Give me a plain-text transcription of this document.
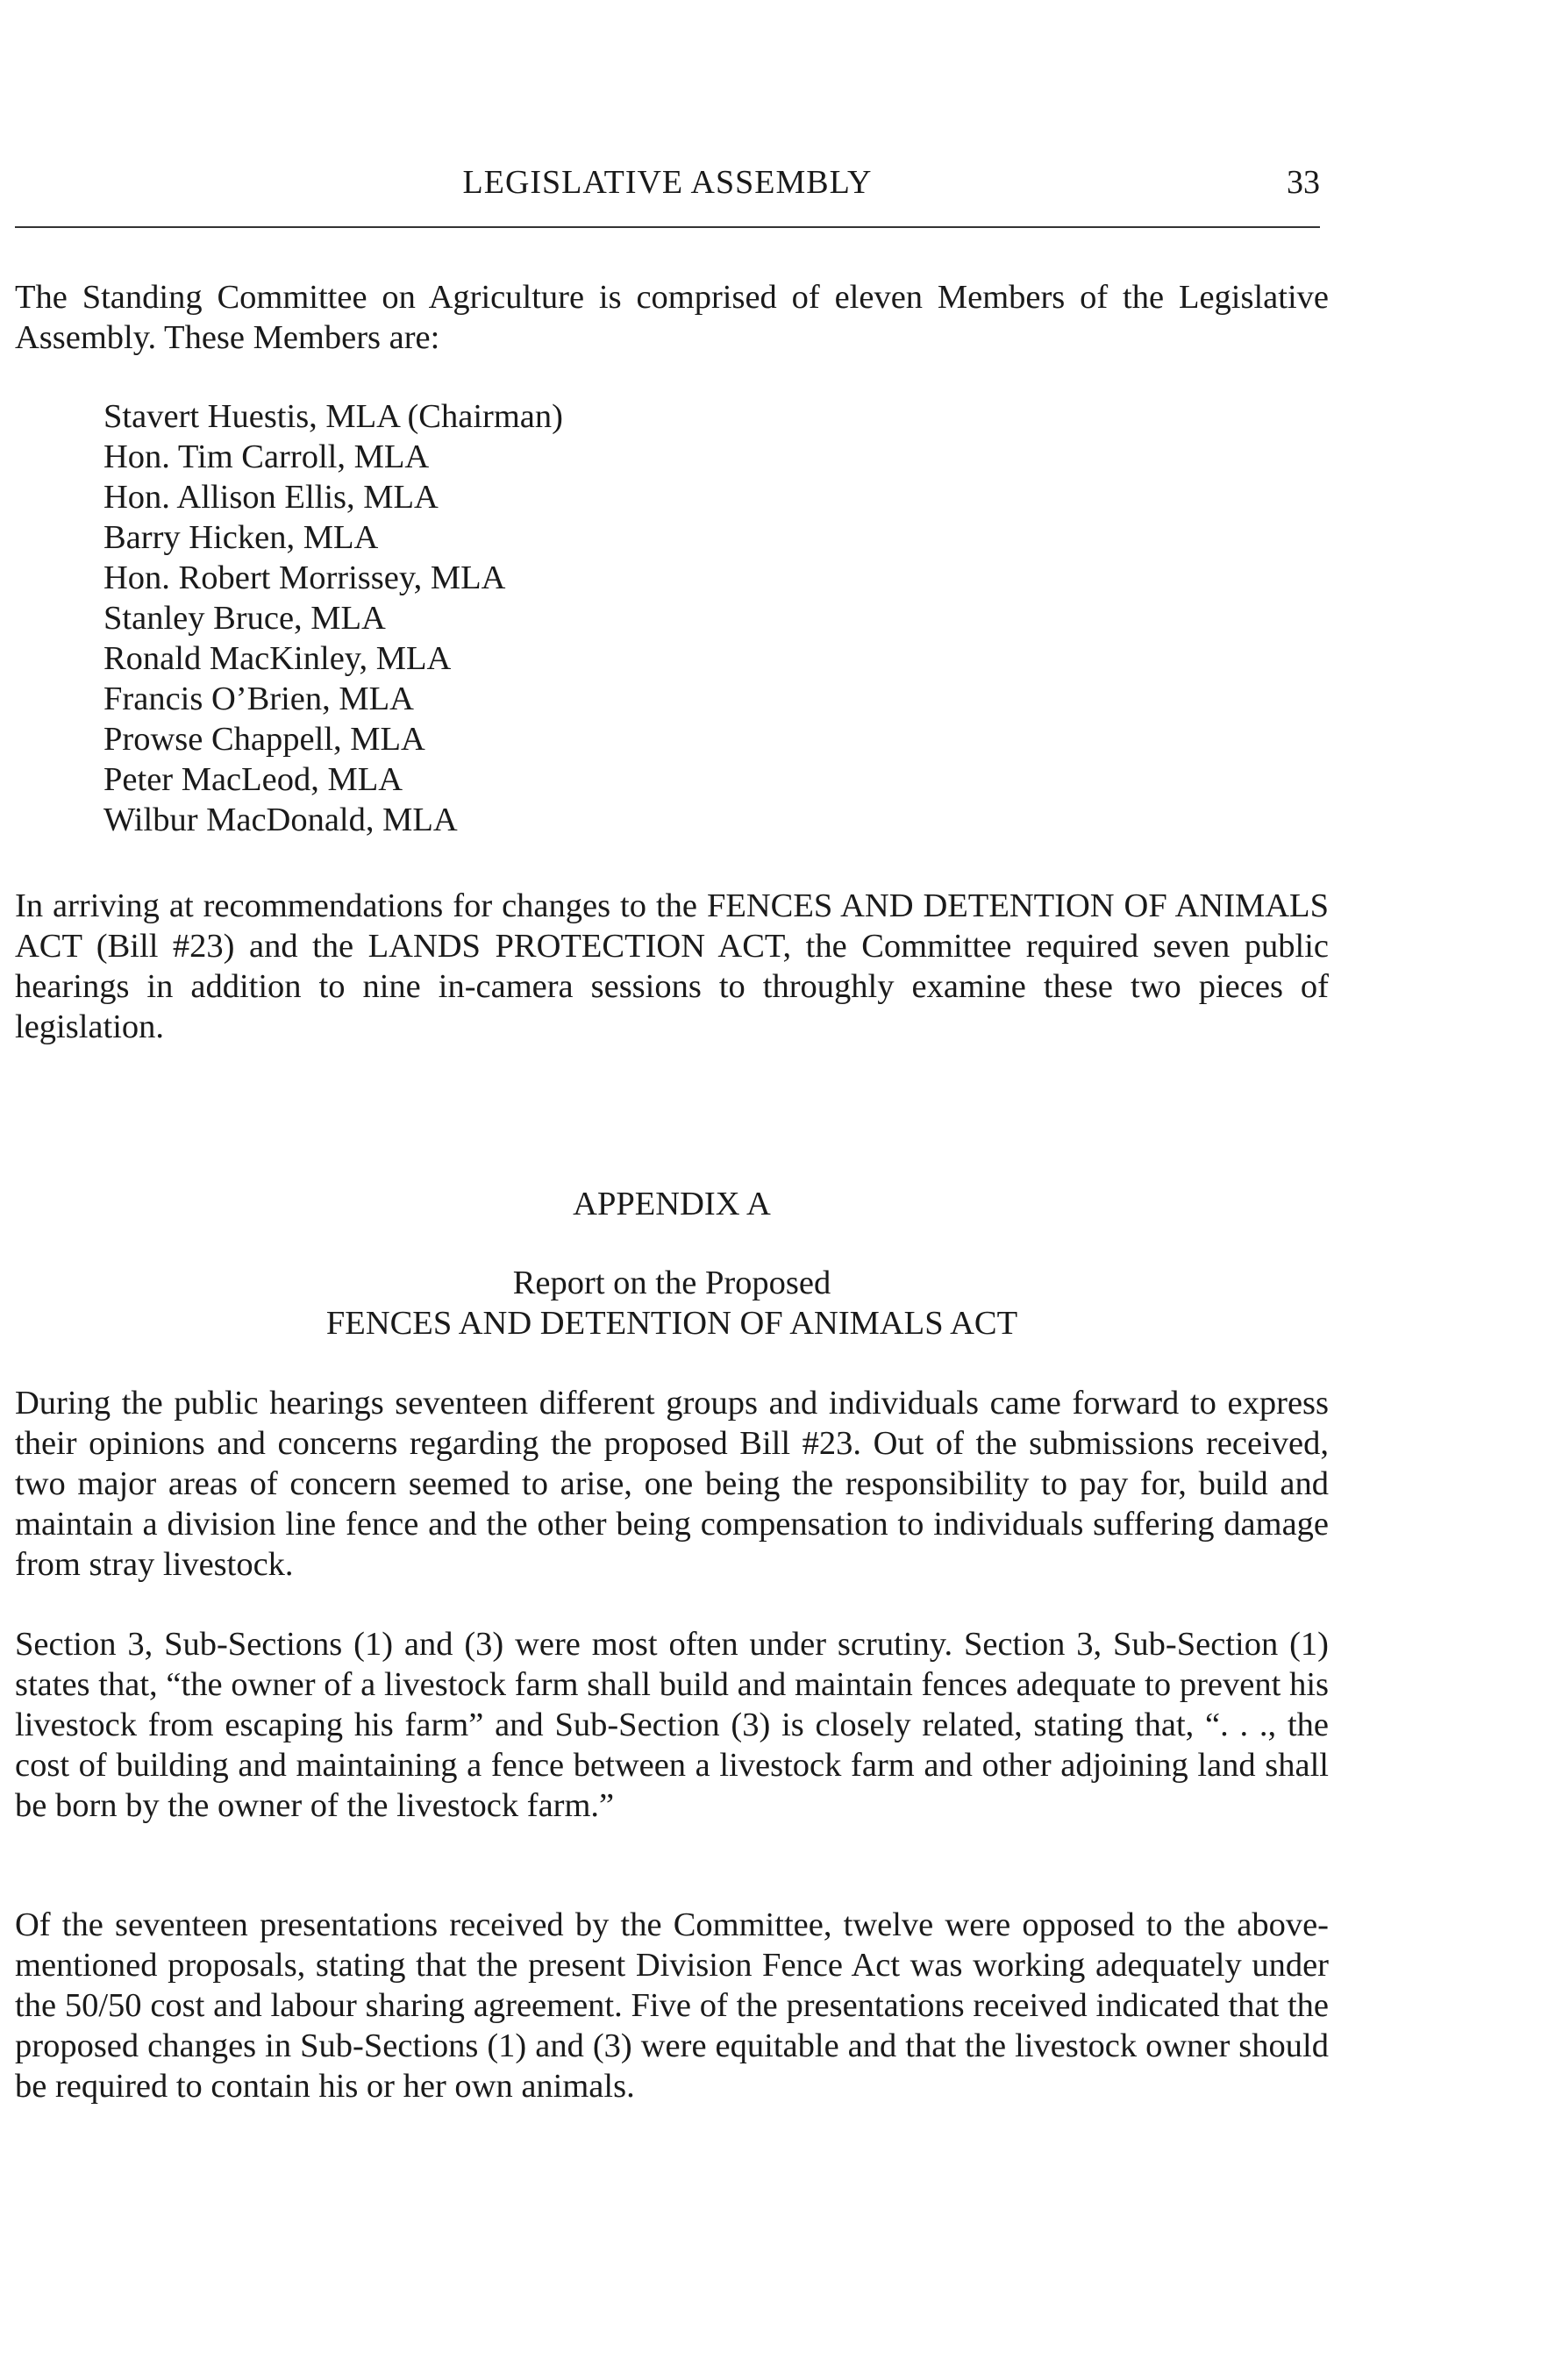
LEGISLATIVE ASSEMBLY	33

The Standing Committee on Agriculture is comprised of eleven Members of the Legislative Assembly. These Members are:

Stavert Huestis, MLA (Chairman)
Hon. Tim Carroll, MLA
Hon. Allison Ellis, MLA
Barry Hicken, MLA
Hon. Robert Morrissey, MLA
Stanley Bruce, MLA
Ronald MacKinley, MLA
Francis O’Brien, MLA
Prowse Chappell, MLA
Peter MacLeod, MLA
Wilbur MacDonald, MLA

In arriving at recommendations for changes to the FENCES AND DETENTION OF ANIMALS ACT (Bill #23) and the LANDS PROTECTION ACT, the Committee required seven public hearings in addition to nine in-camera sessions to throughly examine these two pieces of legislation.

APPENDIX A
Report on the Proposed
FENCES AND DETENTION OF ANIMALS ACT

During the public hearings seventeen different groups and individuals came forward to express their opinions and concerns regarding the proposed Bill #23. Out of the submissions received, two major areas of concern seemed to arise, one being the responsibility to pay for, build and maintain a division line fence and the other being compensation to individuals suffering damage from stray livestock.

Section 3, Sub-Sections (1) and (3) were most often under scrutiny. Section 3, Sub-Section (1) states that, “the owner of a livestock farm shall build and maintain fences adequate to prevent his livestock from escaping his farm” and Sub-Section (3) is closely related, stating that, “. . ., the cost of building and maintaining a fence between a livestock farm and other adjoining land shall be born by the owner of the livestock farm.”

Of the seventeen presentations received by the Committee, twelve were opposed to the above-mentioned proposals, stating that the present Division Fence Act was working adequately under the 50/50 cost and labour sharing agreement. Five of the presentations received indicated that the proposed changes in Sub-Sections (1) and (3) were equitable and that the livestock owner should be required to contain his or her own animals.
